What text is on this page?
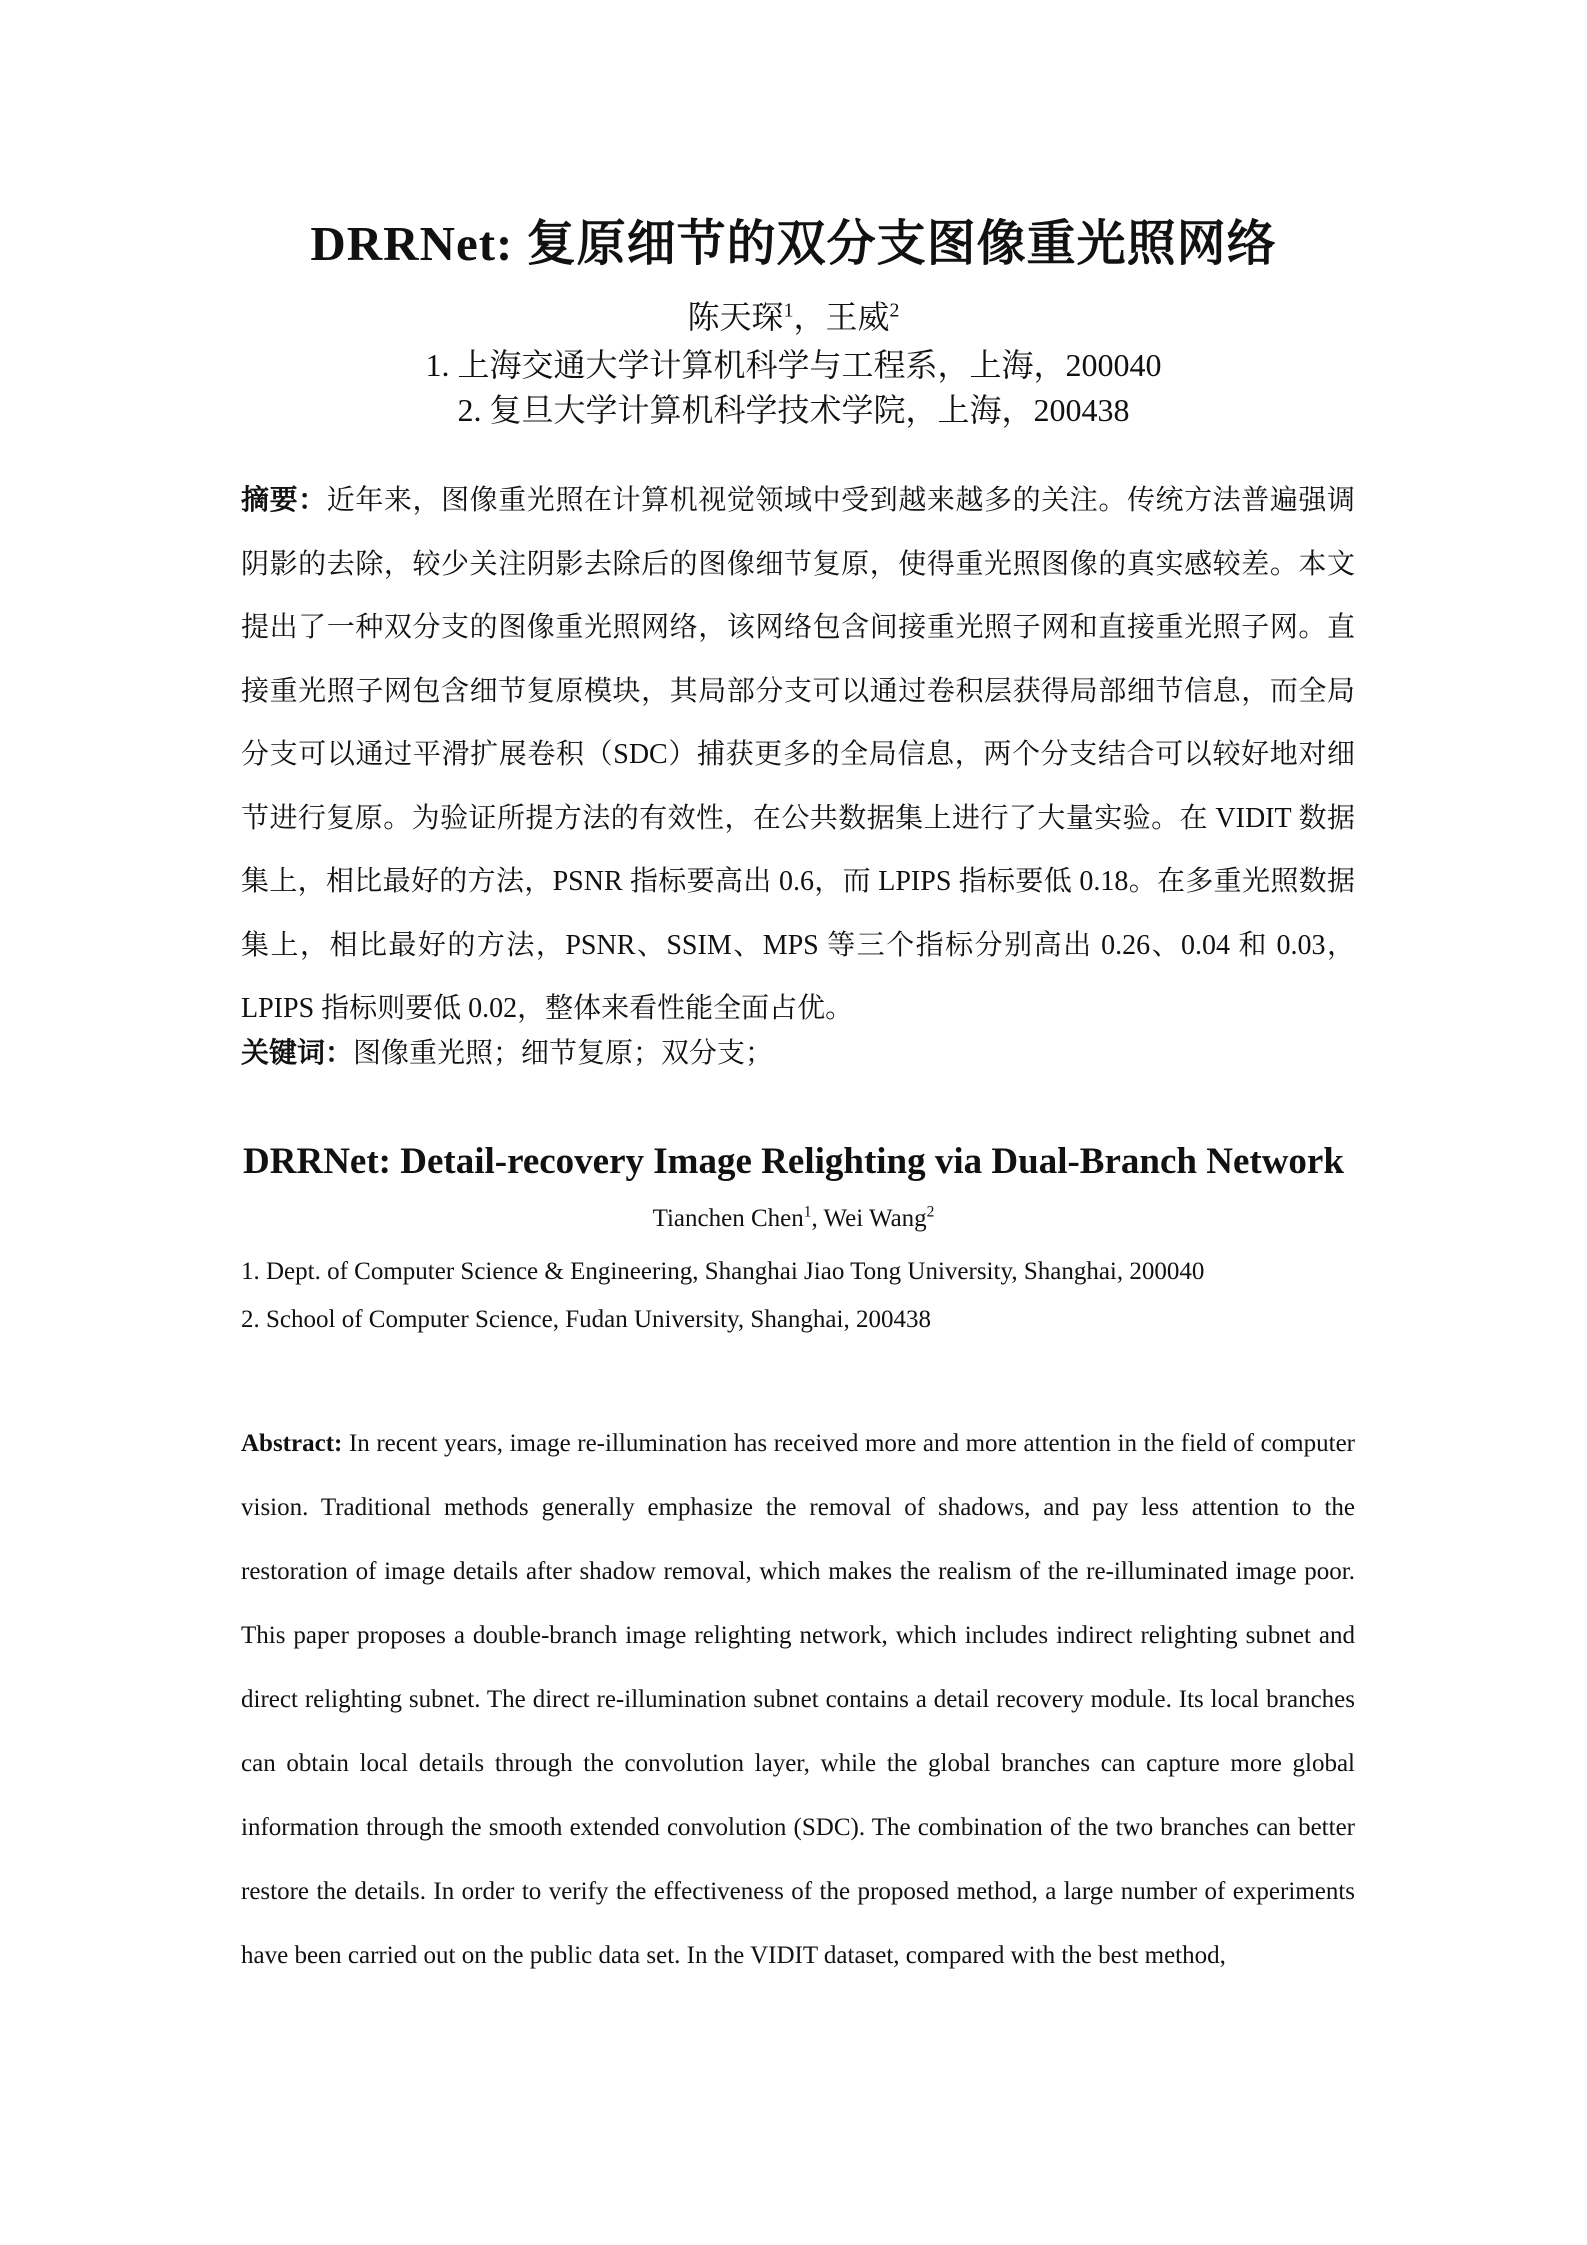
DRRNet: 复原细节的双分支图像重光照网络
陈天琛$^1$，王威$^2$
1. 上海交通大学计算机科学与工程系，上海，200040
2. 复旦大学计算机科学技术学院，上海，200438
摘要：近年来，图像重光照在计算机视觉领域中受到越来越多的关注。传统方法普遍强调阴影的去除，较少关注阴影去除后的图像细节复原，使得重光照图像的真实感较差。本文提出了一种双分支的图像重光照网络，该网络包含间接重光照子网和直接重光照子网。直接重光照子网包含细节复原模块，其局部分支可以通过卷积层获得局部细节信息，而全局分支可以通过平滑扩展卷积（SDC）捕获更多的全局信息，两个分支结合可以较好地对细节进行复原。为验证所提方法的有效性，在公共数据集上进行了大量实验。在 VIDIT 数据集上，相比最好的方法，PSNR 指标要高出 0.6，而 LPIPS 指标要低 0.18。在多重光照数据集上，相比最好的方法，PSNR、SSIM、MPS 等三个指标分别高出 0.26、0.04 和 0.03，LPIPS 指标则要低 0.02，整体来看性能全面占优。
关键词：图像重光照；细节复原；双分支；
DRRNet: Detail-recovery Image Relighting via Dual-Branch Network
Tianchen Chen$^1$, Wei Wang$^2$
1. Dept. of Computer Science & Engineering, Shanghai Jiao Tong University, Shanghai, 200040
2. School of Computer Science, Fudan University, Shanghai, 200438
Abstract: In recent years, image re-illumination has received more and more attention in the field of computer vision. Traditional methods generally emphasize the removal of shadows, and pay less attention to the restoration of image details after shadow removal, which makes the realism of the re-illuminated image poor. This paper proposes a double-branch image relighting network, which includes indirect relighting subnet and direct relighting subnet. The direct re-illumination subnet contains a detail recovery module. Its local branches can obtain local details through the convolution layer, while the global branches can capture more global information through the smooth extended convolution (SDC). The combination of the two branches can better restore the details. In order to verify the effectiveness of the proposed method, a large number of experiments have been carried out on the public data set. In the VIDIT dataset, compared with the best method,
